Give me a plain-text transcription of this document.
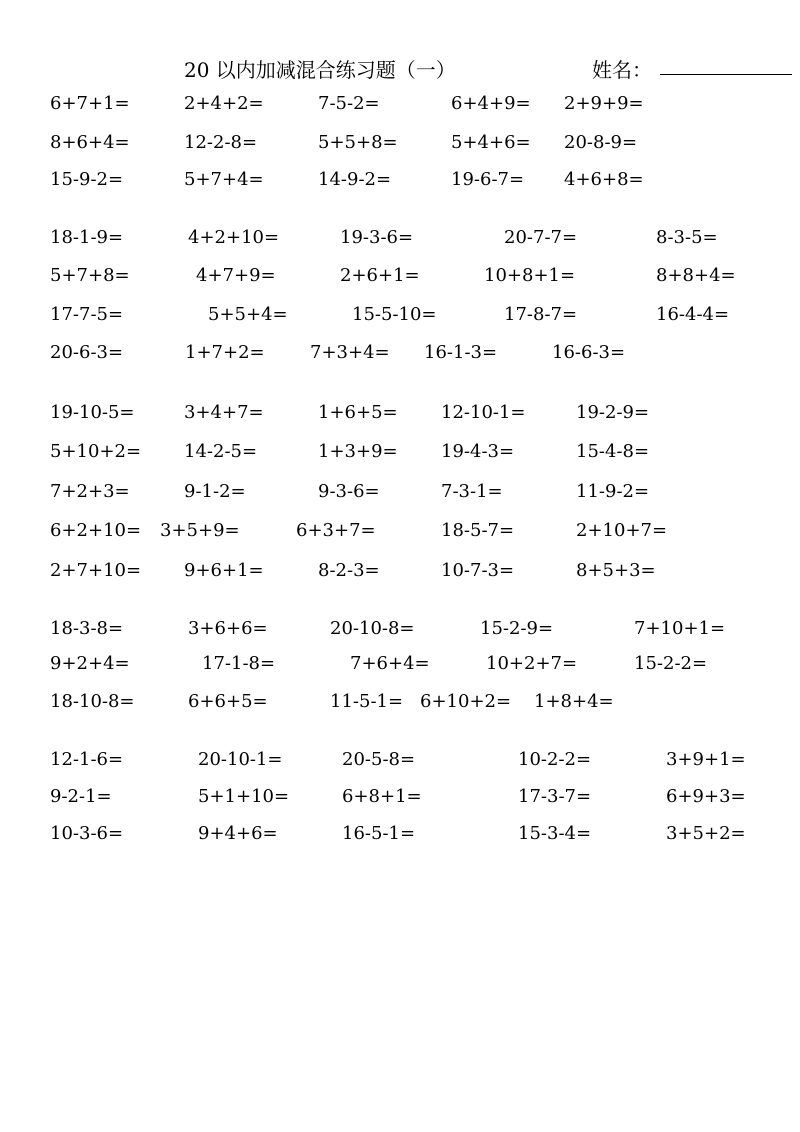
20 以内加减混合练习题（一）	姓名：
6+7+1=	2+4+2=	7-5-2=	6+4+9= 2+9+9=
8+6+4=	12-2-8=	5+5+8=	5+4+6= 20-8-9=
15-9-2=	5+7+4=	14-9-2=	19-6-7= 4+6+8=
18-1-9=	4+2+10=	19-3-6=	20-7-7=	8-3-5=
5+7+8=	4+7+9=	2+6+1=	10+8+1=	8+8+4=
17-7-5=	5+5+4=	15-5-10=	17-8-7=	16-4-4=
20-6-3=	1+7+2=	7+3+4= 16-1-3=	16-6-3=
19-10-5=	3+4+7=	1+6+5= 12-10-1=	19-2-9=
5+10+2= 14-2-5=	1+3+9= 19-4-3=	15-4-8=
7+2+3=	9-1-2=	9-3-6=	7-3-1=	11-9-2=
6+2+10= 3+5+9=	6+3+7=	18-5-7=	2+10+7=
2+7+10= 9+6+1=	8-2-3=	10-7-3=	8+5+3=
18-3-8=	3+6+6=	20-10-8=	15-2-9=	7+10+1=
9+2+4=	17-1-8=	7+6+4=	10+2+7=	15-2-2=
18-10-8=	6+6+5=	11-5-1= 6+10+2= 1+8+4=
12-1-6=	20-10-1=	20-5-8=	10-2-2=	3+9+1=
9-2-1=	5+1+10=	6+8+1=	17-3-7=	6+9+3=
10-3-6=	9+4+6=	16-5-1=	15-3-4=	3+5+2=
